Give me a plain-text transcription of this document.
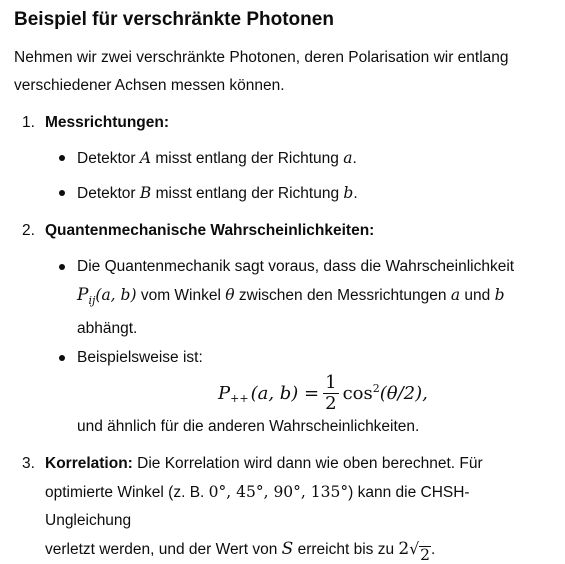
Beispiel für verschränkte Photonen

Nehmen wir zwei verschränkte Photonen, deren Polarisation wir entlang verschiedener Achsen messen können.

1. Messrichtungen:
Detektor A misst entlang der Richtung a.
Detektor B misst entlang der Richtung b.
2. Quantenmechanische Wahrscheinlichkeiten:
Die Quantenmechanik sagt voraus, dass die Wahrscheinlichkeit
$P_{ij}(a$, b) vom Winkel θ zwischen den Messrichtungen a und b
abhängt.
Beispielsweise ist:
$P_{++}$ (a, $b) = \frac{1}{2} \cos^2 (\theta/2)$,
und ähnlich für die anderen Wahrscheinlichkeiten.
3. Korrelation: Die Korrelation wird dann wie oben berechnet. Für
optimierte Winkel (z. B. 0°, 45°, 90°, 135°) kann die CHSH-Ungleichung
verletzt werden, und der Wert von S erreicht bis zu 2 √ 2 .
